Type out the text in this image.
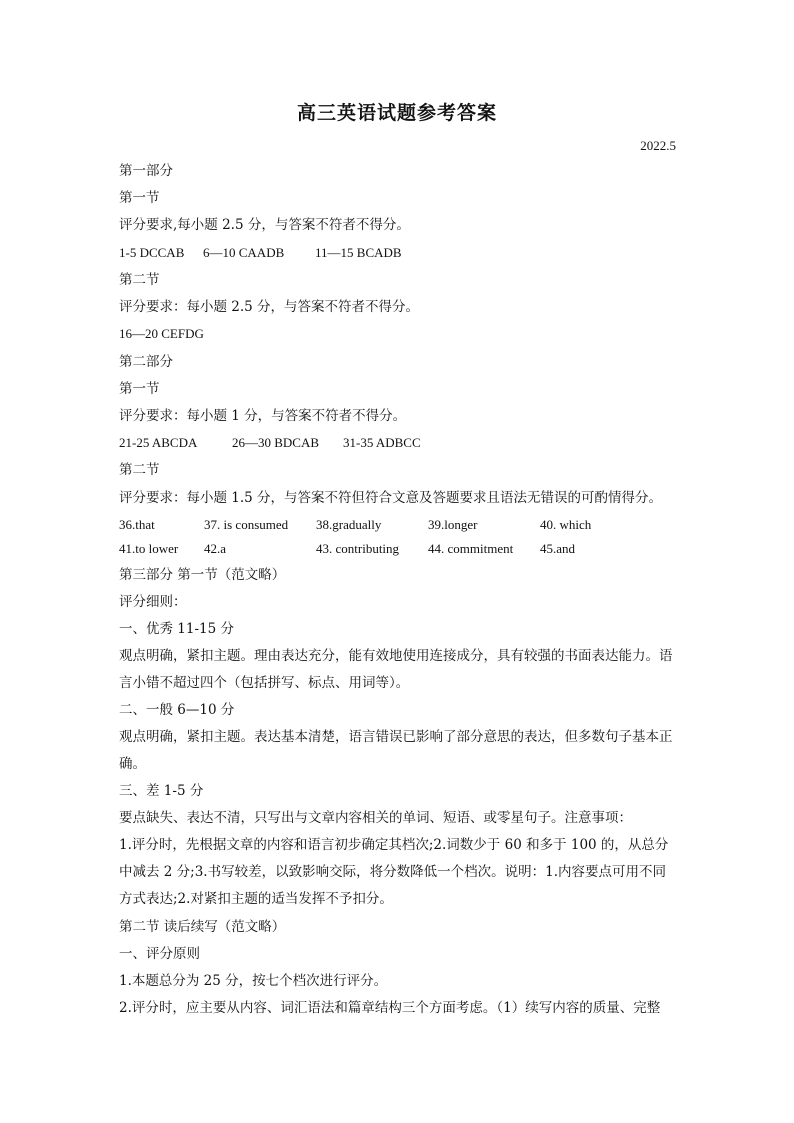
高三英语试题参考答案
2022.5
第一部分
第一节
评分要求,每小题 2.5 分，与答案不符者不得分。
1-5 DCCAB 6—10 CAADB 11—15 BCADB
第二节
评分要求：每小题 2.5 分，与答案不符者不得分。
16—20 CEFDG
第二部分
第一节
评分要求：每小题 1 分，与答案不符者不得分。
21-25 ABCDA	26—30 BDCAB 31-35 ADBCC
第二节
评分要求：每小题 1.5 分，与答案不符但符合文意及答题要求且语法无错误的可酌情得分。
36.that	37. is consumed 38.gradually	39.longer	40. which
41.to lower 42.a	43. contributing 44. commitment 45.and
第三部分 第一节（范文略）
评分细则：
一、优秀 11-15 分
观点明确，紧扣主题。理由表达充分，能有效地使用连接成分，具有较强的书面表达能力。语言小错不超过四个（包括拼写、标点、用词等）。
二、一般 6—10 分
观点明确，紧扣主题。表达基本清楚，语言错误已影响了部分意思的表达，但多数句子基本正确。
三、差 1-5 分
要点缺失、表达不清，只写出与文章内容相关的单词、短语、或零星句子。注意事项：
1.评分时，先根据文章的内容和语言初步确定其档次;2.词数少于 60 和多于 100 的，从总分中减去 2 分;3.书写较差，以致影响交际，将分数降低一个档次。说明：1.内容要点可用不同方式表达;2.对紧扣主题的适当发挥不予扣分。
第二节 读后续写（范文略）
一、评分原则
1.本题总分为 25 分，按七个档次进行评分。
2.评分时，应主要从内容、词汇语法和篇章结构三个方面考虑。（1）续写内容的质量、完整
